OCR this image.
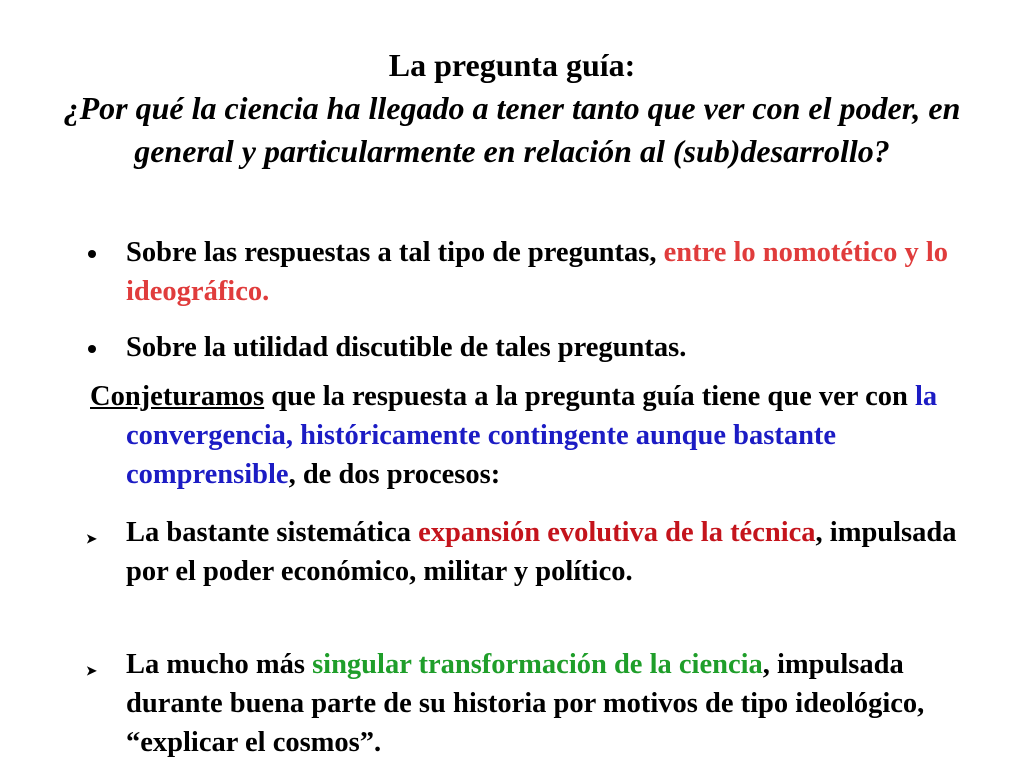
La pregunta guía:
¿Por qué la ciencia ha llegado a tener tanto que ver con el poder, en general y particularmente en relación al (sub)desarrollo?
Sobre las respuestas a tal tipo de preguntas, entre lo nomotético y lo ideográfico.
Sobre la utilidad discutible de tales preguntas.
Conjeturamos que la respuesta a la pregunta guía tiene que ver con la convergencia, históricamente contingente aunque bastante comprensible, de dos procesos:
➤ La bastante sistemática expansión evolutiva de la técnica, impulsada por el poder económico, militar y político.
➤ La mucho más singular transformación de la ciencia, impulsada durante buena parte de su historia por motivos de tipo ideológico, “explicar el cosmos”.
